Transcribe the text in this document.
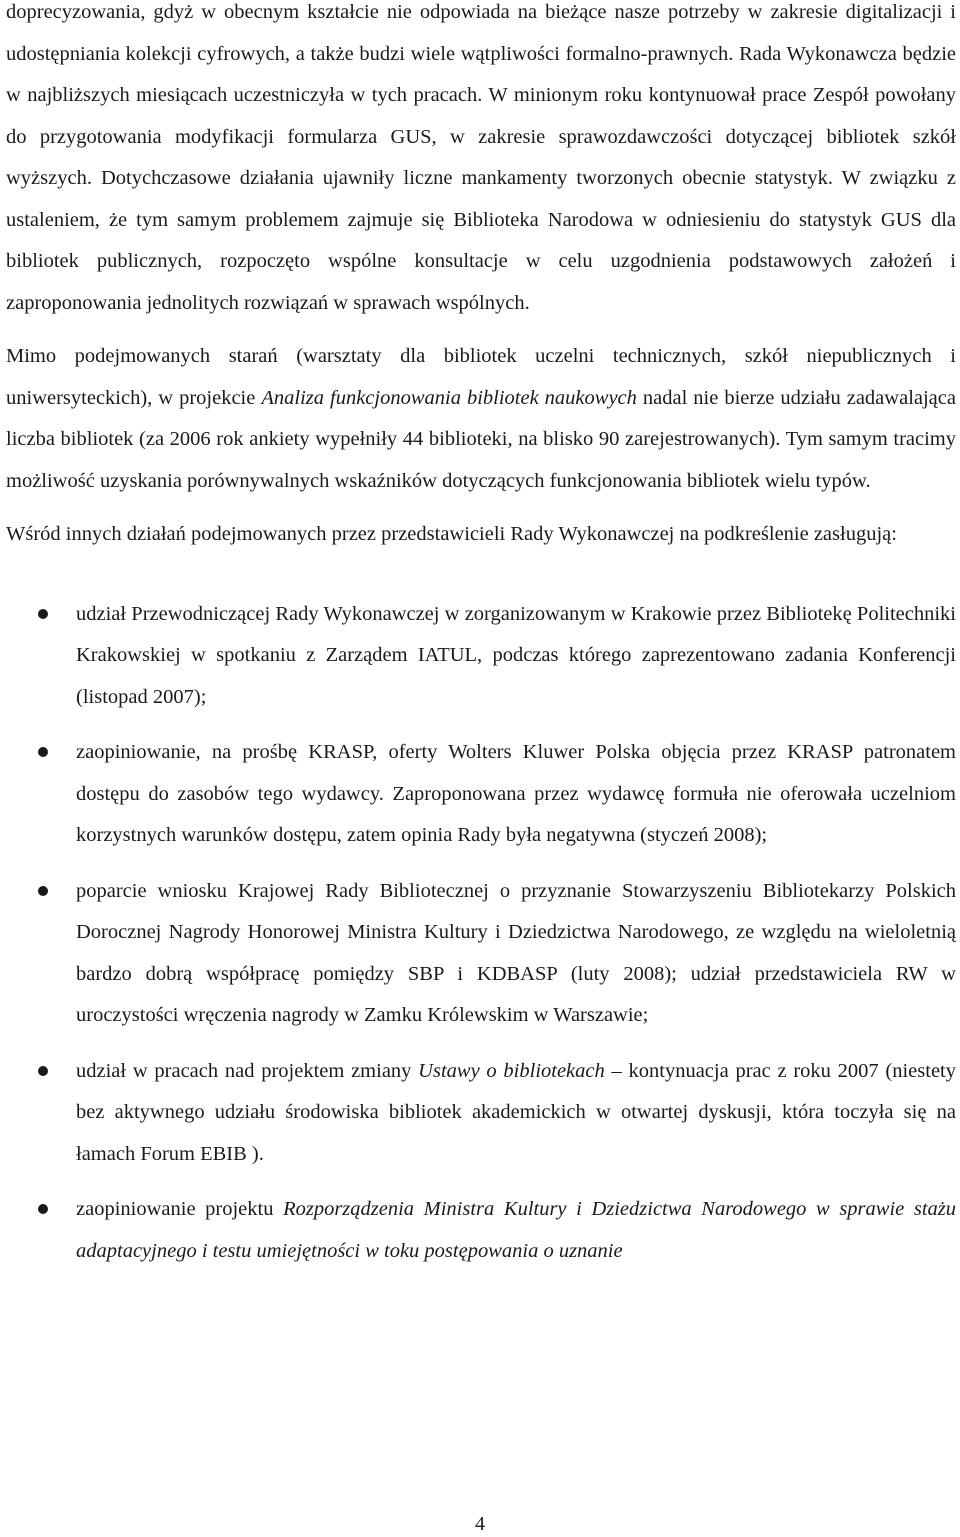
doprecyzowania, gdyż w obecnym kształcie nie odpowiada na bieżące nasze potrzeby w zakresie digitalizacji i udostępniania kolekcji cyfrowych, a także budzi wiele wątpliwości formalno-prawnych. Rada Wykonawcza będzie w najbliższych miesiącach uczestniczyła w tych pracach. W minionym roku kontynuował prace Zespół powołany do przygotowania modyfikacji formularza GUS, w zakresie sprawozdawczości dotyczącej bibliotek szkół wyższych. Dotychczasowe działania ujawniły liczne mankamenty tworzonych obecnie statystyk. W związku z ustaleniem, że tym samym problemem zajmuje się Biblioteka Narodowa w odniesieniu do statystyk GUS dla bibliotek publicznych, rozpoczęto wspólne konsultacje w celu uzgodnienia podstawowych założeń i zaproponowania jednolitych rozwiązań w sprawach wspólnych.

Mimo podejmowanych starań (warsztaty dla bibliotek uczelni technicznych, szkół niepublicznych i uniwersyteckich), w projekcie Analiza funkcjonowania bibliotek naukowych nadal nie bierze udziału zadawalająca liczba bibliotek (za 2006 rok ankiety wypełniły 44 biblioteki, na blisko 90 zarejestrowanych). Tym samym tracimy możliwość uzyskania porównywalnych wskaźników dotyczących funkcjonowania bibliotek wielu typów.

Wśród innych działań podejmowanych przez przedstawicieli Rady Wykonawczej na podkreślenie zasługują:

udział Przewodniczącej Rady Wykonawczej w zorganizowanym w Krakowie przez Bibliotekę Politechniki Krakowskiej w spotkaniu z Zarządem IATUL, podczas którego zaprezentowano zadania Konferencji (listopad 2007);
zaopiniowanie, na prośbę KRASP, oferty Wolters Kluwer Polska objęcia przez KRASP patronatem dostępu do zasobów tego wydawcy. Zaproponowana przez wydawcę formuła nie oferowała uczelniom korzystnych warunków dostępu, zatem opinia Rady była negatywna (styczeń 2008);
poparcie wniosku Krajowej Rady Bibliotecznej o przyznanie Stowarzyszeniu Bibliotekarzy Polskich Dorocznej Nagrody Honorowej Ministra Kultury i Dziedzictwa Narodowego, ze względu na wieloletnią bardzo dobrą współpracę pomiędzy SBP i KDBASP (luty 2008); udział przedstawiciela RW w uroczystości wręczenia nagrody w Zamku Królewskim w Warszawie;
udział w pracach nad projektem zmiany Ustawy o bibliotekach – kontynuacja prac z roku 2007 (niestety bez aktywnego udziału środowiska bibliotek akademickich w otwartej dyskusji, która toczyła się na łamach Forum EBIB ).
zaopiniowanie projektu Rozporządzenia Ministra Kultury i Dziedzictwa Narodowego w sprawie stażu adaptacyjnego i testu umiejętności w toku postępowania o uznanie
4
